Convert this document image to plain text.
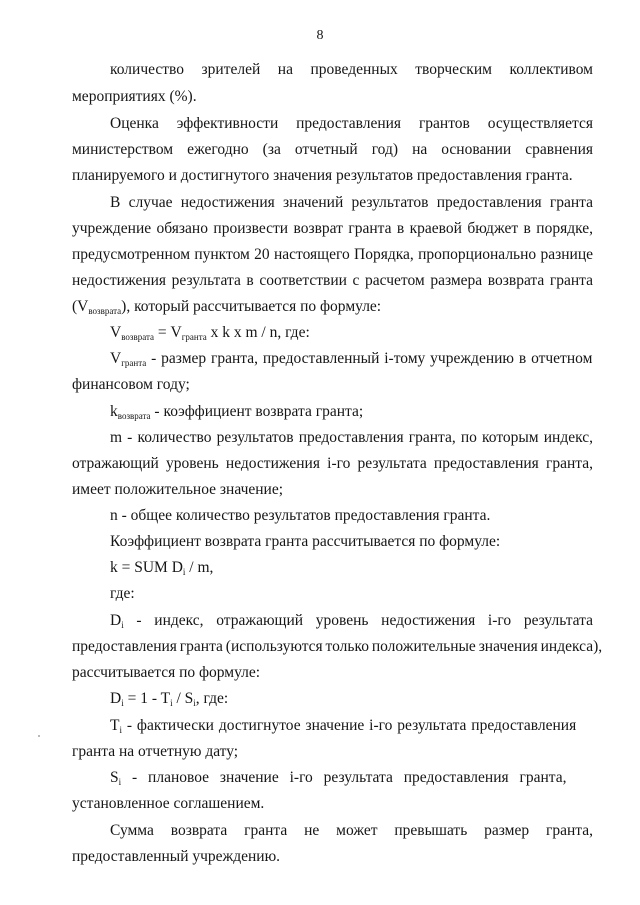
8
количество зрителей на проведенных творческим коллективом
мероприятиях (%).
Оценка эффективности предоставления грантов осуществляется
министерством ежегодно (за отчетный год) на основании сравнения
планируемого и достигнутого значения результатов предоставления гранта.
В случае недостижения значений результатов предоставления гранта
учреждение обязано произвести возврат гранта в краевой бюджет в порядке,
предусмотренном пунктом 20 настоящего Порядка, пропорционально разнице
недостижения результата в соответствии с расчетом размера возврата гранта
$(V_{возврата})$, который рассчитывается по формуле:
$V_{возврата} = V_{гранта}$ x k x m / n, где:
$V_{гранта}$ - размер гранта, предоставленный i-тому учреждению в отчетном
финансовом году;
$k_{возврата}$ - коэффициент возврата гранта;
m - количество результатов предоставления гранта, по которым индекс,
отражающий уровень недостижения i-го результата предоставления гранта,
имеет положительное значение;
n - общее количество результатов предоставления гранта.
Коэффициент возврата гранта рассчитывается по формуле:
k = SUM $D_i$ / m,
где:
$D_i$ - индекс, отражающий уровень недостижения i-го результата
предоставления гранта (используются только положительные значения индекса),
рассчитывается по формуле:
$D_i = 1 - T_i / S_i$, где:
$T_i$ - фактически достигнутое значение i-го результата предоставления
гранта на отчетную дату;
$S_i$ - плановое значение i-го результата предоставления гранта,
установленное соглашением.
Сумма возврата гранта не может превышать размер гранта,
предоставленный учреждению.
